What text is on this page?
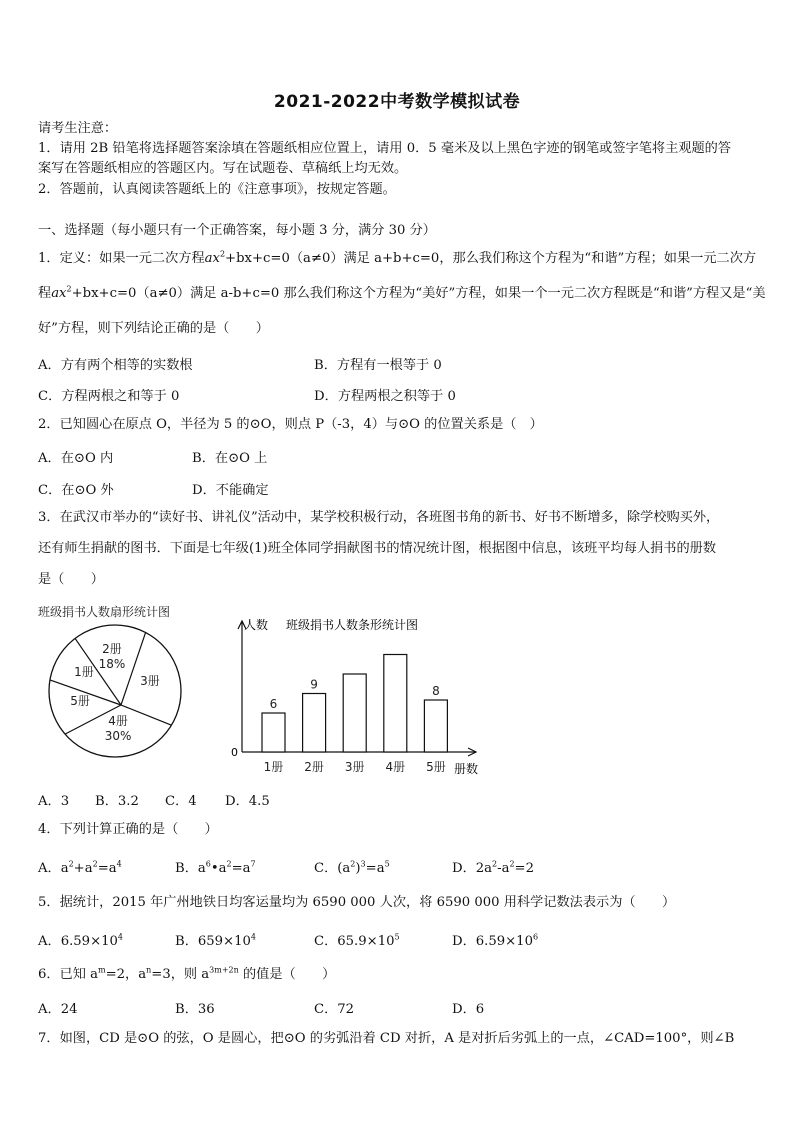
2021-2022中考数学模拟试卷
请考生注意：
1．请用 2B 铅笔将选择题答案涂填在答题纸相应位置上，请用 0．5 毫米及以上黑色字迹的钢笔或签字笔将主观题的答
案写在答题纸相应的答题区内。写在试题卷、草稿纸上均无效。
2．答题前，认真阅读答题纸上的《注意事项》，按规定答题。
一、选择题（每小题只有一个正确答案，每小题 3 分，满分 30 分）
1．定义：如果一元二次方程$ax^2+bx+c=0(a\ne 0)$满足 a+b+c=0，那么我们称这个方程为“和谐”方程；如果一元二次方
程$ax^2+bx+c=0(a\ne 0)$满足 a-b+c=0 那么我们称这个方程为“美好”方程，如果一个一元二次方程既是“和谐”方程又是“美
好”方程，则下列结论正确的是（　　）
A．方有两个相等的实数根	B．方程有一根等于 0
C．方程两根之和等于 0	D．方程两根之积等于 0
2．已知圆心在原点 O，半径为 5 的⊙O，则点 P（-3，4）与⊙O 的位置关系是（　）
A．在⊙O 内	B．在⊙O 上
C．在⊙O 外	D．不能确定
3．在武汉市举办的“读好书、讲礼仪”活动中，某学校积极行动，各班图书角的新书、好书不断增多，除学校购买外，
还有师生捐献的图书．下面是七年级(1)班全体同学捐献图书的情况统计图，根据图中信息，该班平均每人捐书的册数
是（　　）
班级捐书人数扇形统计图
2册
18%
3册
4册
30%
5册
1册
人数 班级捐书人数条形统计图
0
册数
1册
6
2册
9
3册 4册 5册
8
A．3 B．3.2 C．4 D．4.5
4．下列计算正确的是（　　）
A．$a^2+a^2=a^4$	B．$a^6•a^2=a^7$	C．$(a^2)^3=a^5$	D．$2a^2-a^2=2$
5．据统计，2015 年广州地铁日均客运量均为 6590 000 人次，将 6590 000 用科学记数法表示为（　　）
A．$6.59\times 10^4$	B．$659\times 10^4$	C．$65.9\times 10^5$	D．$6.59\times 10^6$
6．已知 $a^m=2$，$a^n=3$，则 $a^{3m+2n}$ 的值是（　　）
A．24	B．36	C．72	D．6
7．如图，CD 是⊙O 的弦，O 是圆心，把⊙O 的劣弧沿着 CD 对折，A 是对折后劣弧上的一点，∠CAD=100°，则∠B
